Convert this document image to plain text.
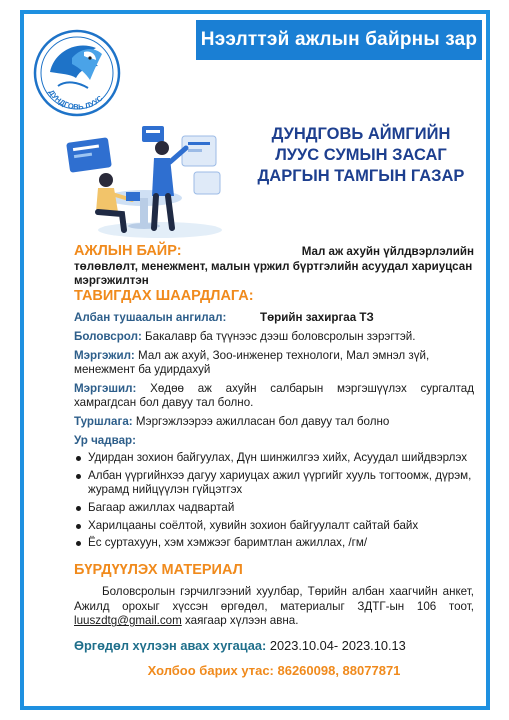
Нээлттэй ажлын байрны зар
ДУНДГОВЬ ЛУУС
ДУНДГОВЬ АЙМГИЙН
ЛУУС СУМЫН ЗАСАГ
ДАРГЫН ТАМГЫН ГАЗАР
АЖЛЫН БАЙР:	Мал аж ахуйн үйлдвэрлэлийн
төлөвлөлт, менежмент, малын үржил бүртгэлийн асуудал хариуцсан мэргэжилтэн
ТАВИГДАХ ШААРДЛАГА:
Албан тушаалын ангилал:	Төрийн захиргаа ТЗ
Боловсрол: Бакалавр ба түүнээс дээш боловсролын зэрэгтэй.
Мэргэжил: Мал аж ахуй, Зоо-инженер технологи, Мал эмнэл зүй, менежмент ба удирдахуй
Мэргэшил: Хөдөө аж ахуйн салбарын мэргэшүүлэх сургалтад хамрагдсан бол давуу тал болно.
Туршлага: Мэргэжлээрээ ажилласан бол давуу тал болно
Ур чадвар:
Удирдан зохион байгуулах, Дүн шинжилгээ хийх, Асуудал шийдвэрлэх
Албан үүргийнхээ дагуу хариуцах ажил үүргийг хууль тогтоомж, дүрэм, журамд нийцүүлэн гүйцэтгэх
Багаар ажиллах чадвартай
Харилцааны соёлтой, хувийн зохион байгуулалт сайтай байх
Ёс суртахуун, хэм хэмжээг баримтлан ажиллах, /гм/
БҮРДҮҮЛЭХ МАТЕРИАЛ
Боловсролын гэрчилгээний хуулбар, Төрийн албан хаагчийн анкет, Ажилд орохыг хүссэн өргөдөл, материалыг ЗДТГ-ын 106 тоот, luuszdtg@gmail.com хаягаар хүлээн авна.
Өргөдөл хүлээн авах хугацаа: 2023.10.04- 2023.10.13
Холбоо барих утас: 86260098, 88077871
